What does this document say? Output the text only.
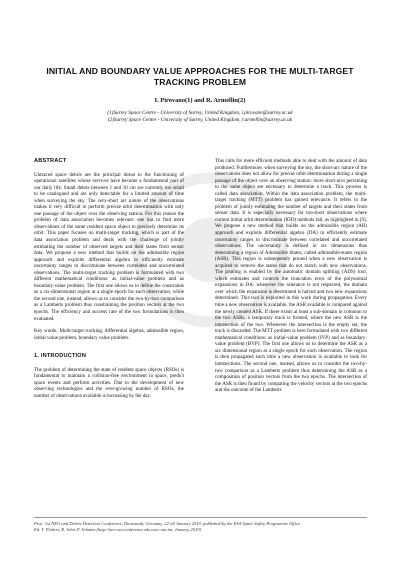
INITIAL AND BOUNDARY VALUE APPROACHES FOR THE MULTI-TARGET TRACKING PROBLEM
I. Pirovano(1) and R. Armellin(2)
(1)Surrey Space Centre - University of Surrey, United Kingdom, i.pirovano@surrey.ac.uk
(2)Surrey Space Centre - University of Surrey, United Kingdom, r.armellin@surrey.ac.uk
ABSTRACT

Untraced space debris are the principal threat to the functioning of operational satellites whose services have become a fundamental part of our daily life. Small debris between 1 and 10 cm are currently too small to be catalogued and are only detectable for a limited amount of time when surveying the sky. The very-short arc nature of the observations makes it very difficult to perform precise orbit determination with only one passage of the object over the observing station. For this reason the problem of data association becomes relevant: one has to find more observations of the same resident space object to precisely determine its orbit. This paper focuses on multi-target tracking, which is part of the data association problem and deals with the challenge of jointly estimating the number of observed targets and their states from sensor data. We propose a new method that builds on the admissible region approach and exploits differential algebra to efficiently estimate uncertainty ranges to discriminate between correlated and uncorrelated observations. The multi-target tracking problem is formulated with two different mathematical conditions: as initial-value problem and as boundary-value problem. The first one allows us to define the constraints as a six-dimensional region at a single epoch for each observation, while the second one, instead, allows us to consider the two-by-two comparison as a Lamberts problem thus constraining the position vectors at the two epochs. The efficiency and success rate of the two formulations is then evaluated.

Key words: Multi-target tracking, differential algebra, admissible region, initial value problem, boundary value problem.

1. INTRODUCTION

The problem of determining the state of resident space objects (RSOs) is fundamental to maintain a collision-free environment in space, predict space events and perform activities. Due to the development of new observing technologies and the ever-growing number of RSOs, the number of observations available is increasing by the day.

This calls for more efficient methods able to deal with the amount of data produced. Furthermore, when surveying the sky, the short-arc nature of the observations does not allow for precise orbit determination during a single passage of the object over an observing station: more short-arcs pertaining to the same object are necessary to determine a track. This process is called data association. Within the data association problem, the multi-target tracking (MTT) problem has gained relevance. It refers to the problem of jointly estimating the number of targets and their states from sensor data. It is especially necessary for too-short observations where current initial orbit determination (IOD) methods fail, as highlighted in [9]. We propose a new method that builds on the admissible region (AR) approach and exploits differential algebra (DA) to efficiently estimate uncertainty ranges to discriminate between correlated and uncorrelated observations. The uncertainty is defined in six dimensions thus determining a region of Admissible States, called admissible-states region (ASR). This region is subsequently pruned when a new observation is acquired to remove the states that do not match with new observations. The pruning is enabled by the automatic domain splitting (ADS) tool, which estimates and controls the truncation error of the polynomial expansions in DA: whenever the tolerance is not respected, the domain over which the expansion is determined is halved and two new expansions determined. This tool is exploited in this work during propagation. Every time a new observation is available, the ASR available is compared against the newly created ASR. If there exists at least a sub-domain in common to the two ASRs, a temporary track is formed, where the new ASR is the intersection of the two. Whenever the intersection is the empty set, the track is discarded. The MTT problem is here formulated with two different mathematical conditions: as initial-value problem (IVP) and as boundary-value problem (BVP). The first one allows us to determine the ASR as a six dimensional region at a single epoch for each observation. The region is then propagated each time a new observation is available to look for intersections. The second one, instead, allows us to consider the two-by-two comparison as a Lamberts problem thus determining the ASR as a composition of position vectors from the two epochs. The intersection of the ASR is then found by comparing the velocity vectors at the two epochs and the outcome of the Lamberts

Proc. 1st NEO and Debris Detection Conference, Darmstadt, Germany, 22-24 January 2019, published by the ESA Space Safety Programme Office
Ed. T. Flohrer, R. Jehn, F. Schmitz (http://neo-sst-conference.sdo.esoc.esa.int, January 2019)
